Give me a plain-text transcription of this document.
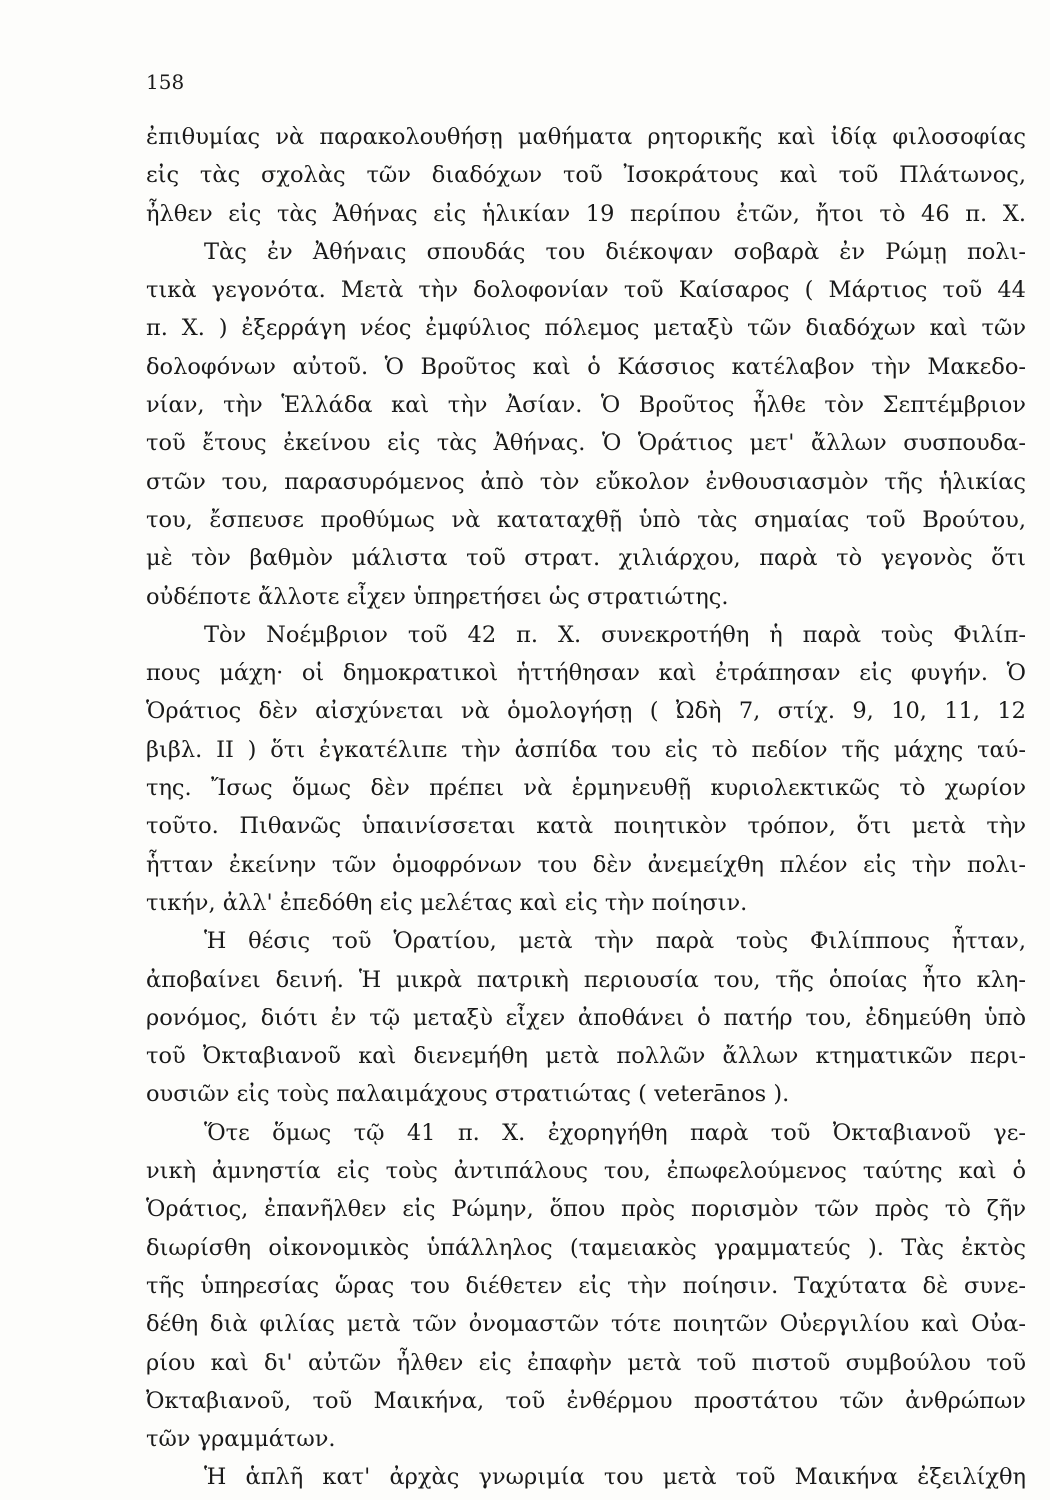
158
ἐπιθυμίας νὰ παρακολουθήσῃ μαθήματα ρητορικῆς καὶ ἰδίᾳ φιλοσοφίας
εἰς τὰς σχολὰς τῶν διαδόχων τοῦ Ἰσοκράτους καὶ τοῦ Πλάτωνος,
ἦλθεν εἰς τὰς Ἀθήνας εἰς ἡλικίαν 19 περίπου ἐτῶν, ἤτοι τὸ 46 π. Χ.
Τὰς ἐν Ἀθήναις σπουδάς του διέκοψαν σοβαρὰ ἐν Ρώμῃ πολι-
τικὰ γεγονότα. Μετὰ τὴν δολοφονίαν τοῦ Καίσαρος ( Μάρτιος τοῦ 44
π. Χ. ) ἐξερράγη νέος ἐμφύλιος πόλεμος μεταξὺ τῶν διαδόχων καὶ τῶν
δολοφόνων αὐτοῦ. Ὁ Βροῦτος καὶ ὁ Κάσσιος κατέλαβον τὴν Μακεδο-
νίαν, τὴν Ἑλλάδα καὶ τὴν Ἀσίαν. Ὁ Βροῦτος ἦλθε τὸν Σεπτέμβριον
τοῦ ἔτους ἐκείνου εἰς τὰς Ἀθήνας. Ὁ Ὁράτιος μετ' ἄλλων συσπουδα-
στῶν του, παρασυρόμενος ἀπὸ τὸν εὔκολον ἐνθουσιασμὸν τῆς ἡλικίας
του, ἔσπευσε προθύμως νὰ καταταχθῇ ὑπὸ τὰς σημαίας τοῦ Βρούτου,
μὲ τὸν βαθμὸν μάλιστα τοῦ στρατ. χιλιάρχου, παρὰ τὸ γεγονὸς ὅτι
οὐδέποτε ἄλλοτε εἶχεν ὑπηρετήσει ὡς στρατιώτης.
Τὸν Νοέμβριον τοῦ 42 π. Χ. συνεκροτήθη ἡ παρὰ τοὺς Φιλίπ-
πους μάχη· οἱ δημοκρατικοὶ ἡττήθησαν καὶ ἐτράπησαν εἰς φυγήν. Ὁ
Ὁράτιος δὲν αἰσχύνεται νὰ ὁμολογήσῃ ( Ὠδὴ 7, στίχ. 9, 10, 11, 12
βιβλ. II ) ὅτι ἐγκατέλιπε τὴν ἀσπίδα του εἰς τὸ πεδίον τῆς μάχης ταύ-
της. Ἴσως ὅμως δὲν πρέπει νὰ ἑρμηνευθῇ κυριολεκτικῶς τὸ χωρίον
τοῦτο. Πιθανῶς ὑπαινίσσεται κατὰ ποιητικὸν τρόπον, ὅτι μετὰ τὴν
ἧτταν ἐκείνην τῶν ὁμοφρόνων του δὲν ἀνεμείχθη πλέον εἰς τὴν πολι-
τικήν, ἀλλ' ἐπεδόθη εἰς μελέτας καὶ εἰς τὴν ποίησιν.
Ἡ θέσις τοῦ Ὁρατίου, μετὰ τὴν παρὰ τοὺς Φιλίππους ἧτταν,
ἀποβαίνει δεινή. Ἡ μικρὰ πατρικὴ περιουσία του, τῆς ὁποίας ἦτο κλη-
ρονόμος, διότι ἐν τῷ μεταξὺ εἶχεν ἀποθάνει ὁ πατήρ του, ἐδημεύθη ὑπὸ
τοῦ Ὀκταβιανοῦ καὶ διενεμήθη μετὰ πολλῶν ἄλλων κτηματικῶν περι-
ουσιῶν εἰς τοὺς παλαιμάχους στρατιώτας ( veterānos ).
Ὅτε ὅμως τῷ 41 π. Χ. ἐχορηγήθη παρὰ τοῦ Ὀκταβιανοῦ γε-
νικὴ ἀμνηστία εἰς τοὺς ἀντιπάλους του, ἐπωφελούμενος ταύτης καὶ ὁ
Ὁράτιος, ἐπανῆλθεν εἰς Ρώμην, ὅπου πρὸς πορισμὸν τῶν πρὸς τὸ ζῆν
διωρίσθη οἰκονομικὸς ὑπάλληλος (ταμειακὸς γραμματεύς ). Τὰς ἐκτὸς
τῆς ὑπηρεσίας ὥρας του διέθετεν εἰς τὴν ποίησιν. Ταχύτατα δὲ συνε-
δέθη διὰ φιλίας μετὰ τῶν ὀνομαστῶν τότε ποιητῶν Οὐεργιλίου καὶ Οὐα-
ρίου καὶ δι' αὐτῶν ἦλθεν εἰς ἐπαφὴν μετὰ τοῦ πιστοῦ συμβούλου τοῦ
Ὀκταβιανοῦ, τοῦ Μαικήνα, τοῦ ἐνθέρμου προστάτου τῶν ἀνθρώπων
τῶν γραμμάτων.
Ἡ ἁπλῆ κατ' ἀρχὰς γνωριμία του μετὰ τοῦ Μαικήνα ἐξειλίχθη
